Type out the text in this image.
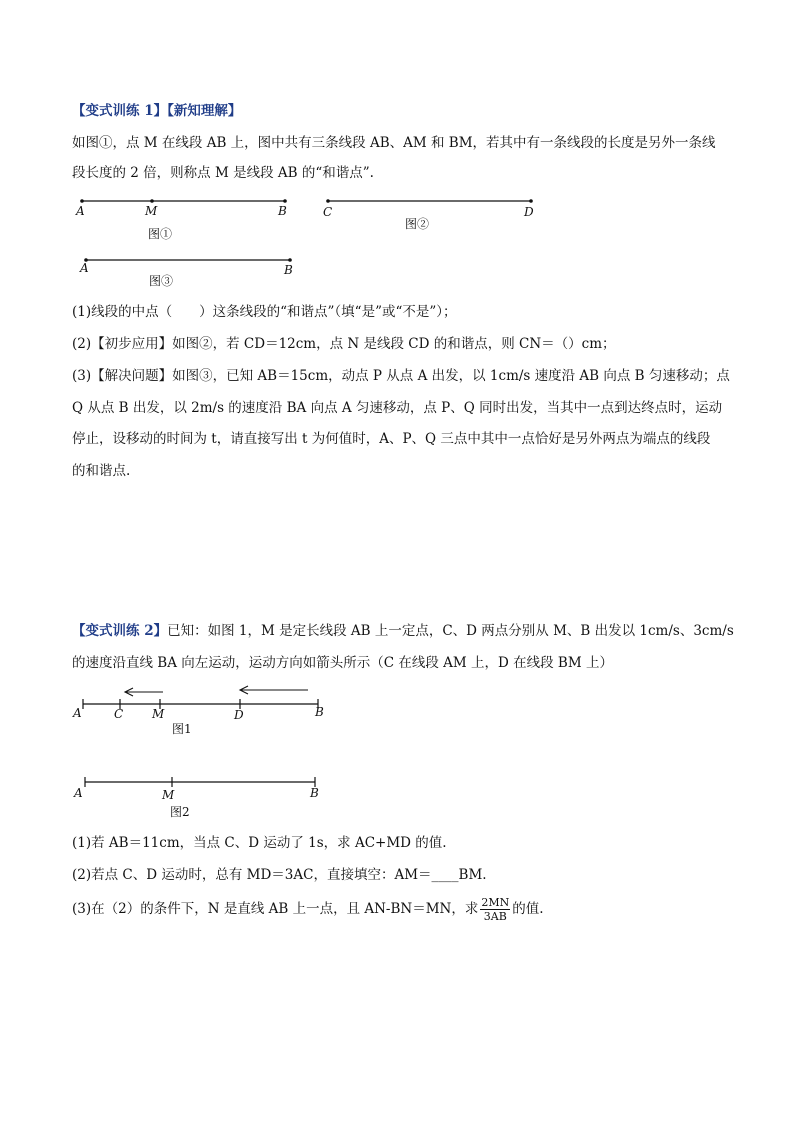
【变式训练 1】【新知理解】
如图①，点 M 在线段 AB 上，图中共有三条线段 AB、AM 和 BM，若其中有一条线段的长度是另外一条线
段长度的 2 倍，则称点 M 是线段 AB 的“和谐点”.
A	M	B
图①
C	D
图②
A	B
图③
(1)线段的中点（　　）这条线段的“和谐点”（填“是”或“不是”）；
(2)【初步应用】如图②，若 CD＝12cm，点 N 是线段 CD 的和谐点，则 CN＝（）cm；
(3)【解决问题】如图③，已知 AB＝15cm，动点 P 从点 A 出发，以 1cm/s 速度沿 AB 向点 B 匀速移动；点
Q 从点 B 出发，以 2m/s 的速度沿 BA 向点 A 匀速移动，点 P、Q 同时出发，当其中一点到达终点时，运动
停止，设移动的时间为 t，请直接写出 t 为何值时，A、P、Q 三点中其中一点恰好是另外两点为端点的线段
的和谐点.
【变式训练 2】已知：如图 1，M 是定长线段 AB 上一定点，C、D 两点分别从 M、B 出发以 1cm/s、3cm/s
的速度沿直线 BA 向左运动，运动方向如箭头所示（C 在线段 AM 上，D 在线段 BM 上）
A	C M	D	B
图1
A	M	B
图2
(1)若 AB＝11cm，当点 C、D 运动了 1s，求 AC+MD 的值.
(2)若点 C、D 运动时，总有 MD＝3AC，直接填空：AM＝____BM.
(3)在（2）的条件下，N 是直线 AB 上一点，且 AN-BN＝MN，求 $\frac{2MN}{3AB}$ 的值.
